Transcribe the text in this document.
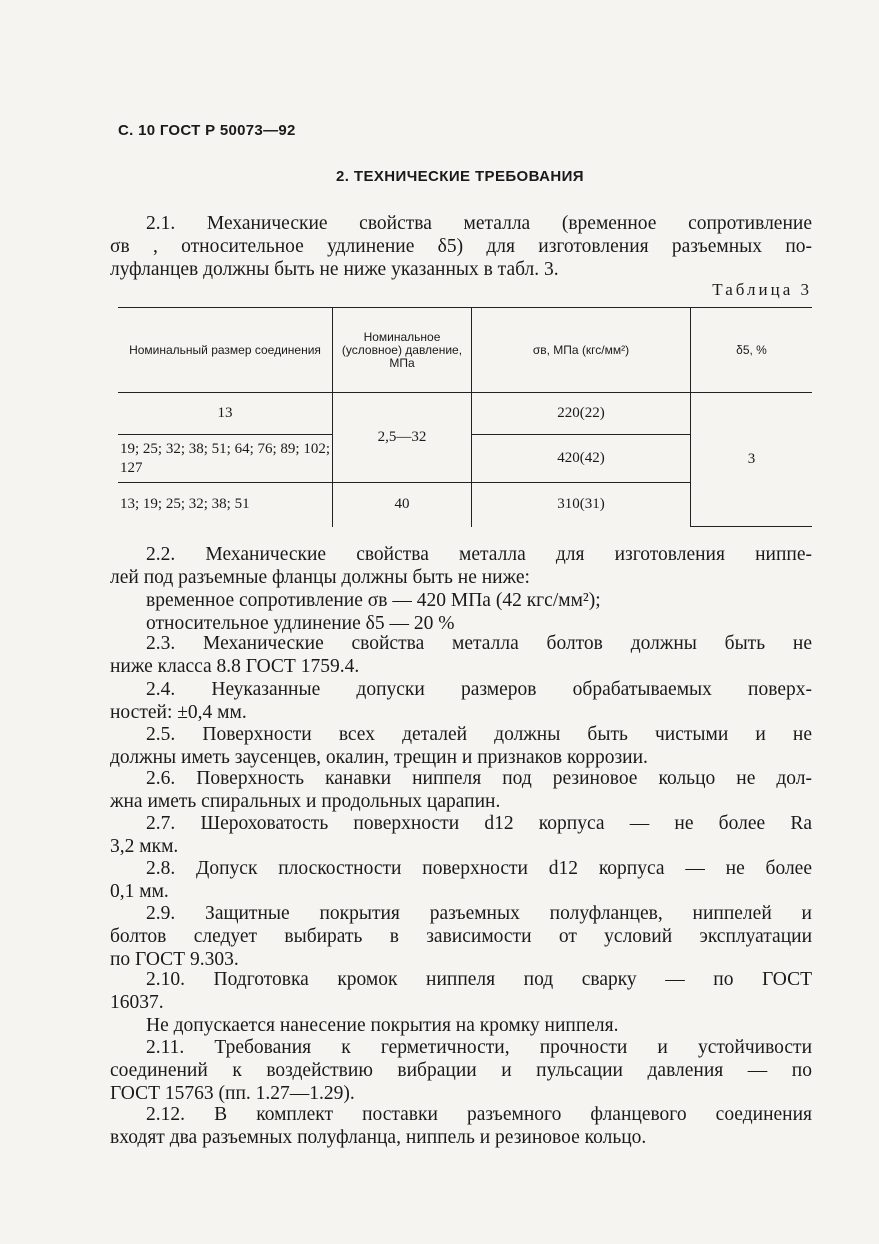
С. 10 ГОСТ Р 50073—92
2. ТЕХНИЧЕСКИЕ ТРЕБОВАНИЯ
2.1. Механические свойства металла (временное сопротивление
σв , относительное удлинение δ5) для изготовления разъемных по-
луфланцев должны быть не ниже указанных в табл. 3.
Таблица 3
Номинальный размер соединения	Номинальное (условное) давление, МПа	σв, МПа (кгс/мм²)	δ5, %
13	2,5—32	220(22)	3
19; 25; 32; 38; 51; 64; 76; 89; 102; 127		420(42)	
13; 19; 25; 32; 38; 51	40	310(31)	
2.2. Механические свойства металла для изготовления ниппе-
лей под разъемные фланцы должны быть не ниже:
временное сопротивление σв — 420 МПа (42 кгс/мм²);
относительное удлинение δ5 — 20 %
2.3. Механические свойства металла болтов должны быть не
ниже класса 8.8 ГОСТ 1759.4.
2.4. Неуказанные допуски размеров обрабатываемых поверх-
ностей: ±0,4 мм.
2.5. Поверхности всех деталей должны быть чистыми и не
должны иметь заусенцев, окалин, трещин и признаков коррозии.
2.6. Поверхность канавки ниппеля под резиновое кольцо не дол-
жна иметь спиральных и продольных царапин.
2.7. Шероховатость поверхности d12 корпуса — не более Ra
3,2 мкм.
2.8. Допуск плоскостности поверхности d12 корпуса — не более
0,1 мм.
2.9. Защитные покрытия разъемных полуфланцев, ниппелей и
болтов следует выбирать в зависимости от условий эксплуатации
по ГОСТ 9.303.
2.10. Подготовка кромок ниппеля под сварку — по ГОСТ
16037.
Не допускается нанесение покрытия на кромку ниппеля.
2.11. Требования к герметичности, прочности и устойчивости
соединений к воздействию вибрации и пульсации давления — по
ГОСТ 15763 (пп. 1.27—1.29).
2.12. В комплект поставки разъемного фланцевого соединения
входят два разъемных полуфланца, ниппель и резиновое кольцо.
